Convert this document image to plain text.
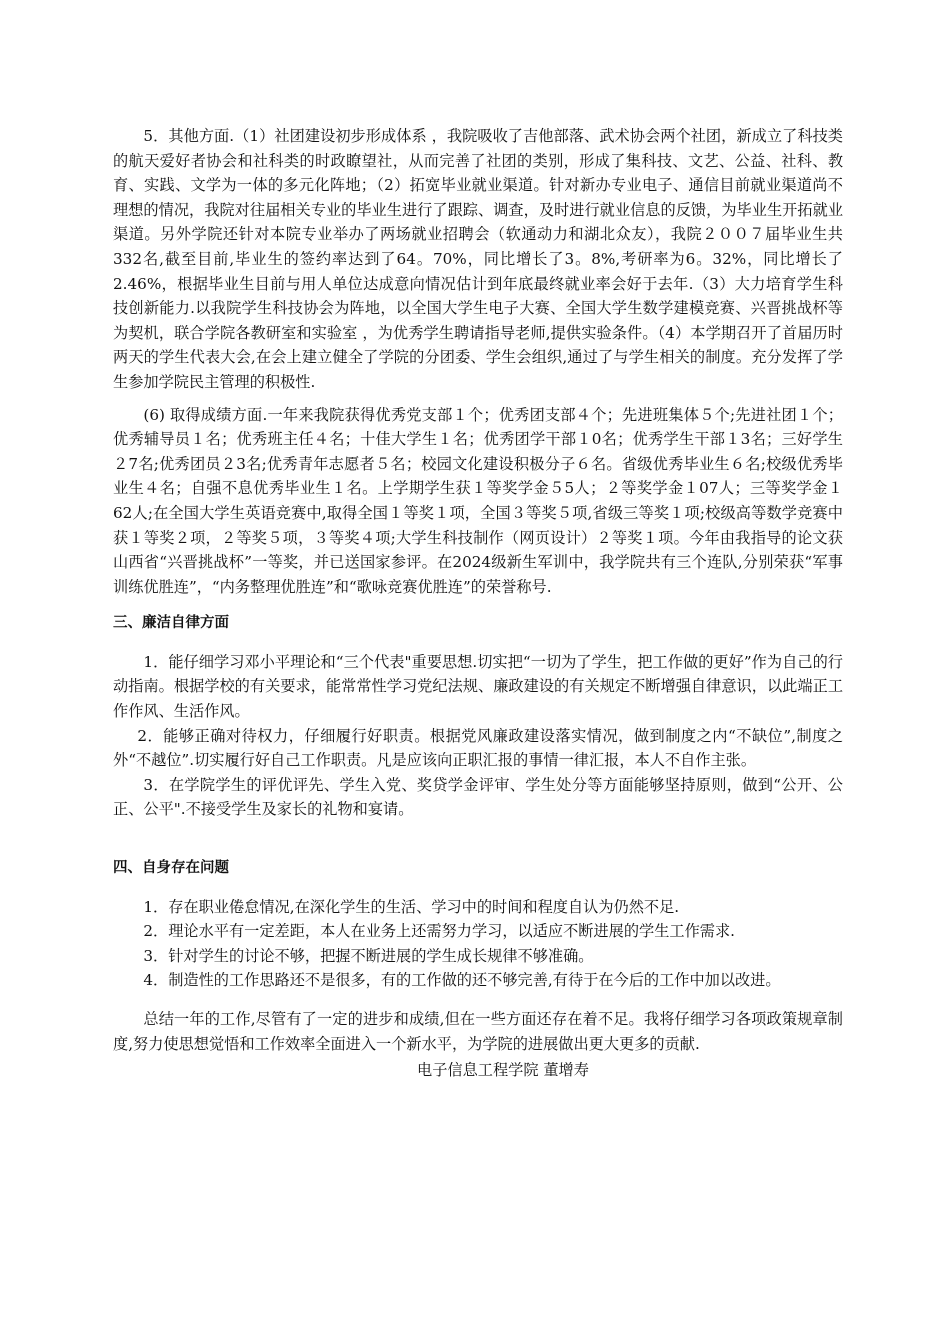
5．其他方面.（1）社团建设初步形成体系 ，我院吸收了吉他部落、武术协会两个社团，新成立了科技类的航天爱好者协会和社科类的时政瞭望社，从而完善了社团的类别，形成了集科技、文艺、公益、社科、教育、实践、文学为一体的多元化阵地；（2）拓宽毕业就业渠道。针对新办专业电子、通信目前就业渠道尚不理想的情况，我院对往届相关专业的毕业生进行了跟踪、调查，及时进行就业信息的反馈，为毕业生开拓就业渠道。另外学院还针对本院专业举办了两场就业招聘会（软通动力和湖北众友），我院２００７届毕业生共332名,截至目前,毕业生的签约率达到了64。70%，同比增长了3。8%,考研率为6。32%，同比增长了2.46%，根据毕业生目前与用人单位达成意向情况估计到年底最终就业率会好于去年.（3）大力培育学生科技创新能力.以我院学生科技协会为阵地，以全国大学生电子大赛、全国大学生数学建模竞赛、兴晋挑战杯等为契机，联合学院各教研室和实验室 ，为优秀学生聘请指导老师,提供实验条件。（4）本学期召开了首届历时两天的学生代表大会,在会上建立健全了学院的分团委、学生会组织,通过了与学生相关的制度。充分发挥了学生参加学院民主管理的积极性.

(6) 取得成绩方面.一年来我院获得优秀党支部１个；优秀团支部４个；先进班集体５个;先进社团１个；优秀辅导员１名；优秀班主任４名；十佳大学生１名；优秀团学干部１0名；优秀学生干部１3名；三好学生２7名;优秀团员２3名;优秀青年志愿者５名；校园文化建设积极分子６名。省级优秀毕业生６名;校级优秀毕业生４名；自强不息优秀毕业生１名。上学期学生获１等奖学金５5人；２等奖学金１07人；三等奖学金１62人;在全国大学生英语竞赛中,取得全国１等奖１项，全国３等奖５项,省级三等奖１项;校级高等数学竞赛中获１等奖２项，２等奖５项，３等奖４项;大学生科技制作（网页设计）２等奖１项。今年由我指导的论文获山西省“兴晋挑战杯”一等奖，并已送国家参评。在2024级新生军训中，我学院共有三个连队,分别荣获“军事训练优胜连”，“内务整理优胜连”和“歌咏竞赛优胜连”的荣誉称号.

三、廉洁自律方面

1．能仔细学习邓小平理论和“三个代表"重要思想.切实把“一切为了学生，把工作做的更好”作为自己的行动指南。根据学校的有关要求，能常常性学习党纪法规、廉政建设的有关规定不断增强自律意识，以此端正工作作风、生活作风。

2．能够正确对待权力，仔细履行好职责。根据党风廉政建设落实情况，做到制度之内“不缺位”,制度之外“不越位”.切实履行好自己工作职责。凡是应该向正职汇报的事情一律汇报，本人不自作主张。

3．在学院学生的评优评先、学生入党、奖贷学金评审、学生处分等方面能够坚持原则，做到“公开、公正、公平".不接受学生及家长的礼物和宴请。

四、自身存在问题

1．存在职业倦怠情况,在深化学生的生活、学习中的时间和程度自认为仍然不足.

2．理论水平有一定差距，本人在业务上还需努力学习，以适应不断进展的学生工作需求.

3．针对学生的讨论不够，把握不断进展的学生成长规律不够准确。

4．制造性的工作思路还不是很多，有的工作做的还不够完善,有待于在今后的工作中加以改进。

总结一年的工作,尽管有了一定的进步和成绩,但在一些方面还存在着不足。我将仔细学习各项政策规章制度,努力使思想觉悟和工作效率全面进入一个新水平，为学院的进展做出更大更多的贡献.

电子信息工程学院 董增寿
